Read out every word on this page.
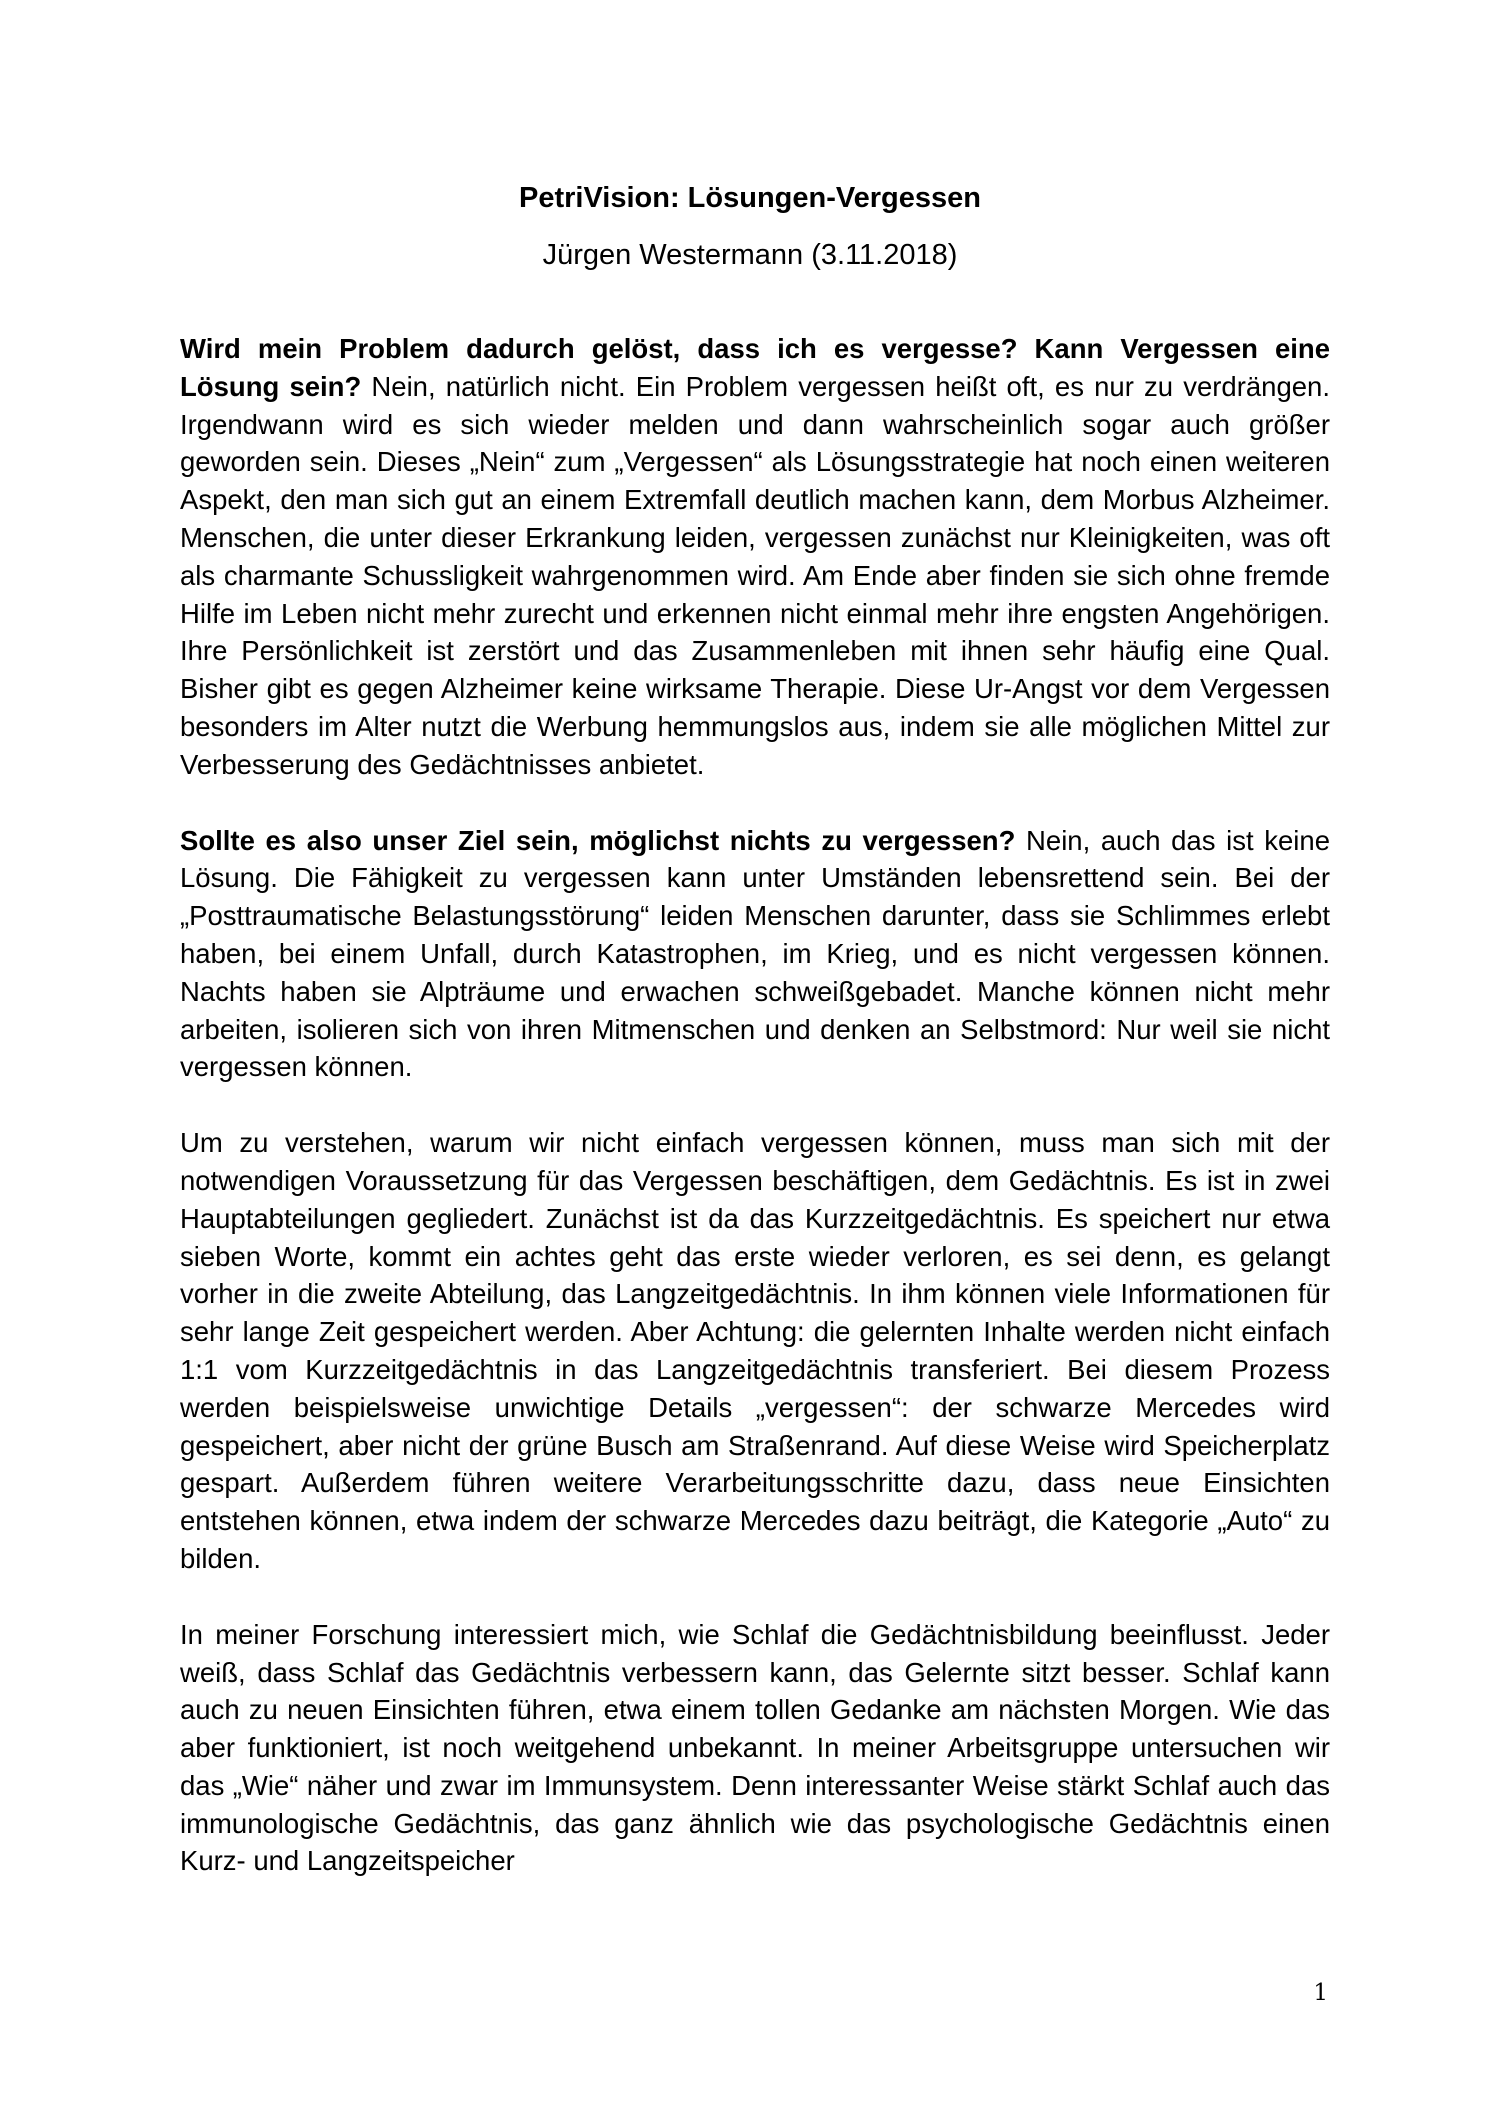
PetriVision: Lösungen-Vergessen
Jürgen Westermann (3.11.2018)

Wird mein Problem dadurch gelöst, dass ich es vergesse? Kann Vergessen eine Lösung sein? Nein, natürlich nicht. Ein Problem vergessen heißt oft, es nur zu verdrängen. Irgendwann wird es sich wieder melden und dann wahrscheinlich sogar auch größer geworden sein. Dieses „Nein“ zum „Vergessen“ als Lösungsstrategie hat noch einen weiteren Aspekt, den man sich gut an einem Extremfall deutlich machen kann, dem Morbus Alzheimer. Menschen, die unter dieser Erkrankung leiden, vergessen zunächst nur Kleinigkeiten, was oft als charmante Schussligkeit wahrgenommen wird. Am Ende aber finden sie sich ohne fremde Hilfe im Leben nicht mehr zurecht und erkennen nicht einmal mehr ihre engsten Angehörigen. Ihre Persönlichkeit ist zerstört und das Zusammenleben mit ihnen sehr häufig eine Qual. Bisher gibt es gegen Alzheimer keine wirksame Therapie. Diese Ur-Angst vor dem Vergessen besonders im Alter nutzt die Werbung hemmungslos aus, indem sie alle möglichen Mittel zur Verbesserung des Gedächtnisses anbietet.

Sollte es also unser Ziel sein, möglichst nichts zu vergessen? Nein, auch das ist keine Lösung. Die Fähigkeit zu vergessen kann unter Umständen lebensrettend sein. Bei der „Posttraumatische Belastungsstörung“ leiden Menschen darunter, dass sie Schlimmes erlebt haben, bei einem Unfall, durch Katastrophen, im Krieg, und es nicht vergessen können. Nachts haben sie Alpträume und erwachen schweißgebadet. Manche können nicht mehr arbeiten, isolieren sich von ihren Mitmenschen und denken an Selbstmord: Nur weil sie nicht vergessen können.

Um zu verstehen, warum wir nicht einfach vergessen können, muss man sich mit der notwendigen Voraussetzung für das Vergessen beschäftigen, dem Gedächtnis. Es ist in zwei Hauptabteilungen gegliedert. Zunächst ist da das Kurzzeitgedächtnis. Es speichert nur etwa sieben Worte, kommt ein achtes geht das erste wieder verloren, es sei denn, es gelangt vorher in die zweite Abteilung, das Langzeitgedächtnis. In ihm können viele Informationen für sehr lange Zeit gespeichert werden. Aber Achtung: die gelernten Inhalte werden nicht einfach 1:1 vom Kurzzeitgedächtnis in das Langzeitgedächtnis transferiert. Bei diesem Prozess werden beispielsweise unwichtige Details „vergessen“: der schwarze Mercedes wird gespeichert, aber nicht der grüne Busch am Straßenrand. Auf diese Weise wird Speicherplatz gespart. Außerdem führen weitere Verarbeitungsschritte dazu, dass neue Einsichten entstehen können, etwa indem der schwarze Mercedes dazu beiträgt, die Kategorie „Auto“ zu bilden.

In meiner Forschung interessiert mich, wie Schlaf die Gedächtnisbildung beeinflusst. Jeder weiß, dass Schlaf das Gedächtnis verbessern kann, das Gelernte sitzt besser. Schlaf kann auch zu neuen Einsichten führen, etwa einem tollen Gedanke am nächsten Morgen. Wie das aber funktioniert, ist noch weitgehend unbekannt. In meiner Arbeitsgruppe untersuchen wir das „Wie“ näher und zwar im Immunsystem. Denn interessanter Weise stärkt Schlaf auch das immunologische Gedächtnis, das ganz ähnlich wie das psychologische Gedächtnis einen Kurz- und Langzeitspeicher

1
